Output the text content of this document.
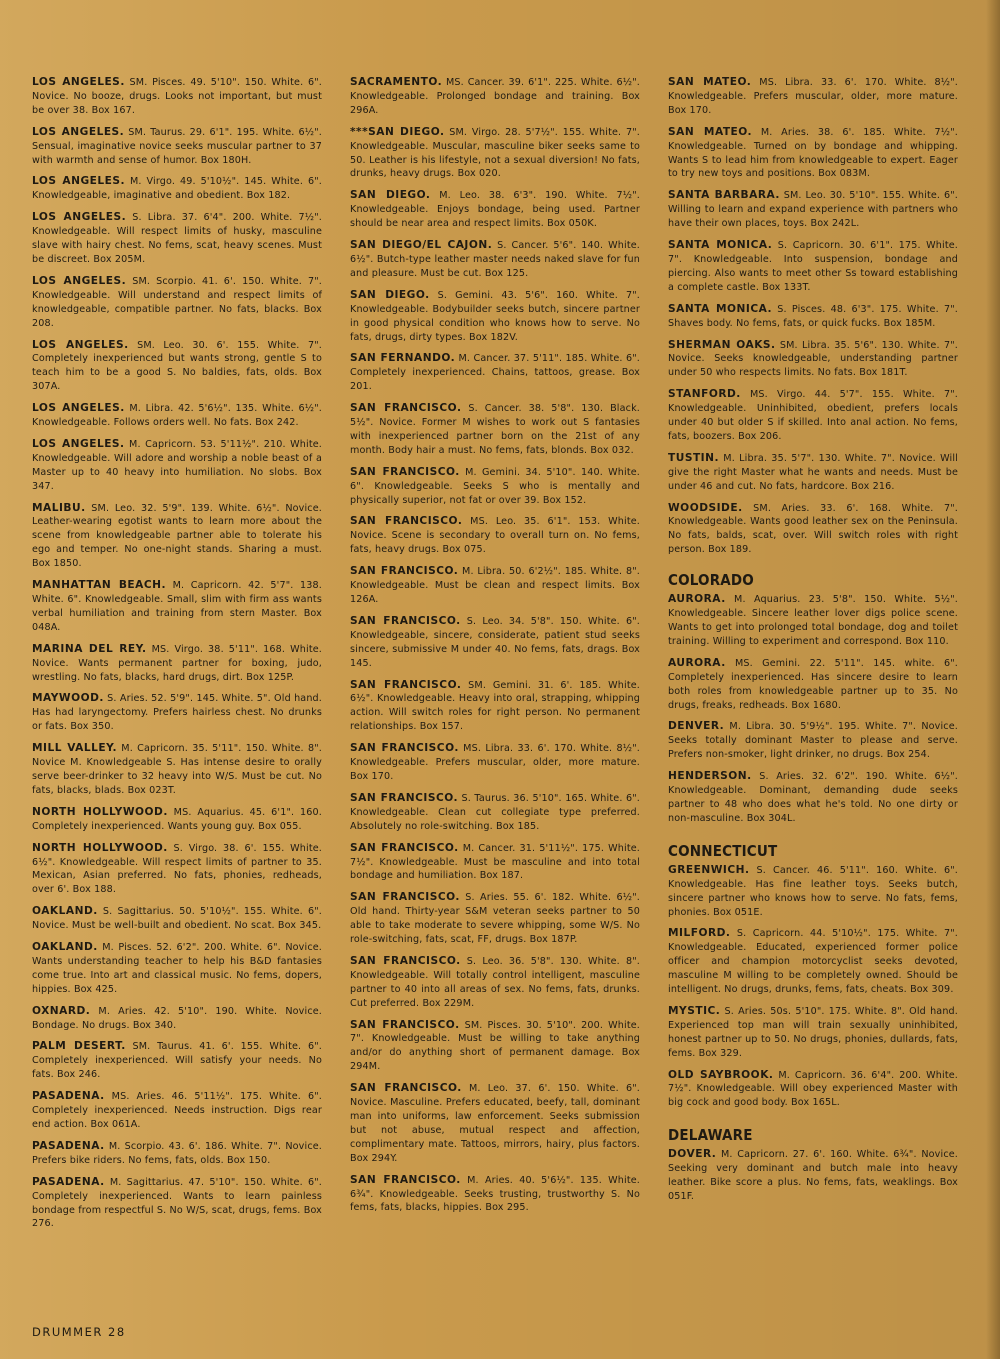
LOS ANGELES. SM. Pisces. 49. 5'10". 150. White. 6". Novice. No booze, drugs. Looks not important, but must be over 38. Box 167.

LOS ANGELES. SM. Taurus. 29. 6'1". 195. White. 6½". Sensual, imaginative novice seeks muscular partner to 37 with warmth and sense of humor. Box 180H.

LOS ANGELES. M. Virgo. 49. 5'10½". 145. White. 6". Knowledgeable, imaginative and obedient. Box 182.

LOS ANGELES. S. Libra. 37. 6'4". 200. White. 7½". Knowledgeable. Will respect limits of husky, masculine slave with hairy chest. No fems, scat, heavy scenes. Must be discreet. Box 205M.

LOS ANGELES. SM. Scorpio. 41. 6'. 150. White. 7". Knowledgeable. Will understand and respect limits of knowledgeable, compatible partner. No fats, blacks. Box 208.

LOS ANGELES. SM. Leo. 30. 6'. 155. White. 7". Completely inexperienced but wants strong, gentle S to teach him to be a good S. No baldies, fats, olds. Box 307A.

LOS ANGELES. M. Libra. 42. 5'6½". 135. White. 6½". Knowledgeable. Follows orders well. No fats. Box 242.

LOS ANGELES. M. Capricorn. 53. 5'11½". 210. White. Knowledgeable. Will adore and worship a noble beast of a Master up to 40 heavy into humiliation. No slobs. Box 347.

MALIBU. SM. Leo. 32. 5'9". 139. White. 6½". Novice. Leather-wearing egotist wants to learn more about the scene from knowledgeable partner able to tolerate his ego and temper. No one-night stands. Sharing a must. Box 1850.

MANHATTAN BEACH. M. Capricorn. 42. 5'7". 138. White. 6". Knowledgeable. Small, slim with firm ass wants verbal humiliation and training from stern Master. Box 048A.

MARINA DEL REY. MS. Virgo. 38. 5'11". 168. White. Novice. Wants permanent partner for boxing, judo, wrestling. No fats, blacks, hard drugs, dirt. Box 125P.

MAYWOOD. S. Aries. 52. 5'9". 145. White. 5". Old hand. Has had laryngectomy. Prefers hairless chest. No drunks or fats. Box 350.

MILL VALLEY. M. Capricorn. 35. 5'11". 150. White. 8". Novice M. Knowledgeable S. Has intense desire to orally serve beer-drinker to 32 heavy into W/S. Must be cut. No fats, blacks, blads. Box 023T.

NORTH HOLLYWOOD. MS. Aquarius. 45. 6'1". 160. Completely inexperienced. Wants young guy. Box 055.

NORTH HOLLYWOOD. S. Virgo. 38. 6'. 155. White. 6½". Knowledgeable. Will respect limits of partner to 35. Mexican, Asian preferred. No fats, phonies, redheads, over 6'. Box 188.

OAKLAND. S. Sagittarius. 50. 5'10½". 155. White. 6". Novice. Must be well-built and obedient. No scat. Box 345.

OAKLAND. M. Pisces. 52. 6'2". 200. White. 6". Novice. Wants understanding teacher to help his B&D fantasies come true. Into art and classical music. No fems, dopers, hippies. Box 425.

OXNARD. M. Aries. 42. 5'10". 190. White. Novice. Bondage. No drugs. Box 340.

PALM DESERT. SM. Taurus. 41. 6'. 155. White. 6". Completely inexperienced. Will satisfy your needs. No fats. Box 246.

PASADENA. MS. Aries. 46. 5'11½". 175. White. 6". Completely inexperienced. Needs instruction. Digs rear end action. Box 061A.

PASADENA. M. Scorpio. 43. 6'. 186. White. 7". Novice. Prefers bike riders. No fems, fats, olds. Box 150.

PASADENA. M. Sagittarius. 47. 5'10". 150. White. 6". Completely inexperienced. Wants to learn painless bondage from respectful S. No W/S, scat, drugs, fems. Box 276.

SACRAMENTO. MS. Cancer. 39. 6'1". 225. White. 6½". Knowledgeable. Prolonged bondage and training. Box 296A.

***SAN DIEGO. SM. Virgo. 28. 5'7½". 155. White. 7". Knowledgeable. Muscular, masculine biker seeks same to 50. Leather is his lifestyle, not a sexual diversion! No fats, drunks, heavy drugs. Box 020.

SAN DIEGO. M. Leo. 38. 6'3". 190. White. 7½". Knowledgeable. Enjoys bondage, being used. Partner should be near area and respect limits. Box 050K.

SAN DIEGO/EL CAJON. S. Cancer. 5'6". 140. White. 6½". Butch-type leather master needs naked slave for fun and pleasure. Must be cut. Box 125.

SAN DIEGO. S. Gemini. 43. 5'6". 160. White. 7". Knowledgeable. Bodybuilder seeks butch, sincere partner in good physical condition who knows how to serve. No fats, drugs, dirty types. Box 182V.

SAN FERNANDO. M. Cancer. 37. 5'11". 185. White. 6". Completely inexperienced. Chains, tattoos, grease. Box 201.

SAN FRANCISCO. S. Cancer. 38. 5'8". 130. Black. 5½". Novice. Former M wishes to work out S fantasies with inexperienced partner born on the 21st of any month. Body hair a must. No fems, fats, blonds. Box 032.

SAN FRANCISCO. M. Gemini. 34. 5'10". 140. White. 6". Knowledgeable. Seeks S who is mentally and physically superior, not fat or over 39. Box 152.

SAN FRANCISCO. MS. Leo. 35. 6'1". 153. White. Novice. Scene is secondary to overall turn on. No fems, fats, heavy drugs. Box 075.

SAN FRANCISCO. M. Libra. 50. 6'2½". 185. White. 8". Knowledgeable. Must be clean and respect limits. Box 126A.

SAN FRANCISCO. S. Leo. 34. 5'8". 150. White. 6". Knowledgeable, sincere, considerate, patient stud seeks sincere, submissive M under 40. No fems, fats, drags. Box 145.

SAN FRANCISCO. SM. Gemini. 31. 6'. 185. White. 6½". Knowledgeable. Heavy into oral, strapping, whipping action. Will switch roles for right person. No permanent relationships. Box 157.

SAN FRANCISCO. MS. Libra. 33. 6'. 170. White. 8½". Knowledgeable. Prefers muscular, older, more mature. Box 170.

SAN FRANCISCO. S. Taurus. 36. 5'10". 165. White. 6". Knowledgeable. Clean cut collegiate type preferred. Absolutely no role-switching. Box 185.

SAN FRANCISCO. M. Cancer. 31. 5'11½". 175. White. 7½". Knowledgeable. Must be masculine and into total bondage and humiliation. Box 187.

SAN FRANCISCO. S. Aries. 55. 6'. 182. White. 6½". Old hand. Thirty-year S&M veteran seeks partner to 50 able to take moderate to severe whipping, some W/S. No role-switching, fats, scat, FF, drugs. Box 187P.

SAN FRANCISCO. S. Leo. 36. 5'8". 130. White. 8". Knowledgeable. Will totally control intelligent, masculine partner to 40 into all areas of sex. No fems, fats, drunks. Cut preferred. Box 229M.

SAN FRANCISCO. SM. Pisces. 30. 5'10". 200. White. 7". Knowledgeable. Must be willing to take anything and/or do anything short of permanent damage. Box 294M.

SAN FRANCISCO. M. Leo. 37. 6'. 150. White. 6". Novice. Masculine. Prefers educated, beefy, tall, dominant man into uniforms, law enforcement. Seeks submission but not abuse, mutual respect and affection, complimentary mate. Tattoos, mirrors, hairy, plus factors. Box 294Y.

SAN FRANCISCO. M. Aries. 40. 5'6½". 135. White. 6¾". Knowledgeable. Seeks trusting, trustworthy S. No fems, fats, blacks, hippies. Box 295.

SAN MATEO. MS. Libra. 33. 6'. 170. White. 8½". Knowledgeable. Prefers muscular, older, more mature. Box 170.

SAN MATEO. M. Aries. 38. 6'. 185. White. 7½". Knowledgeable. Turned on by bondage and whipping. Wants S to lead him from knowledgeable to expert. Eager to try new toys and positions. Box 083M.

SANTA BARBARA. SM. Leo. 30. 5'10". 155. White. 6". Willing to learn and expand experience with partners who have their own places, toys. Box 242L.

SANTA MONICA. S. Capricorn. 30. 6'1". 175. White. 7". Knowledgeable. Into suspension, bondage and piercing. Also wants to meet other Ss toward establishing a complete castle. Box 133T.

SANTA MONICA. S. Pisces. 48. 6'3". 175. White. 7". Shaves body. No fems, fats, or quick fucks. Box 185M.

SHERMAN OAKS. SM. Libra. 35. 5'6". 130. White. 7". Novice. Seeks knowledgeable, understanding partner under 50 who respects limits. No fats. Box 181T.

STANFORD. MS. Virgo. 44. 5'7". 155. White. 7". Knowledgeable. Uninhibited, obedient, prefers locals under 40 but older S if skilled. Into anal action. No fems, fats, boozers. Box 206.

TUSTIN. M. Libra. 35. 5'7". 130. White. 7". Novice. Will give the right Master what he wants and needs. Must be under 46 and cut. No fats, hardcore. Box 216.

WOODSIDE. SM. Aries. 33. 6'. 168. White. 7". Knowledgeable. Wants good leather sex on the Peninsula. No fats, balds, scat, over. Will switch roles with right person. Box 189.

COLORADO

AURORA. M. Aquarius. 23. 5'8". 150. White. 5½". Knowledgeable. Sincere leather lover digs police scene. Wants to get into prolonged total bondage, dog and toilet training. Willing to experiment and correspond. Box 110.

AURORA. MS. Gemini. 22. 5'11". 145. white. 6". Completely inexperienced. Has sincere desire to learn both roles from knowledgeable partner up to 35. No drugs, freaks, redheads. Box 1680.

DENVER. M. Libra. 30. 5'9½". 195. White. 7". Novice. Seeks totally dominant Master to please and serve. Prefers non-smoker, light drinker, no drugs. Box 254.

HENDERSON. S. Aries. 32. 6'2". 190. White. 6½". Knowledgeable. Dominant, demanding dude seeks partner to 48 who does what he's told. No one dirty or non-masculine. Box 304L.

CONNECTICUT

GREENWICH. S. Cancer. 46. 5'11". 160. White. 6". Knowledgeable. Has fine leather toys. Seeks butch, sincere partner who knows how to serve. No fats, fems, phonies. Box 051E.

MILFORD. S. Capricorn. 44. 5'10½". 175. White. 7". Knowledgeable. Educated, experienced former police officer and champion motorcyclist seeks devoted, masculine M willing to be completely owned. Should be intelligent. No drugs, drunks, fems, fats, cheats. Box 309.

MYSTIC. S. Aries. 50s. 5'10". 175. White. 8". Old hand. Experienced top man will train sexually uninhibited, honest partner up to 50. No drugs, phonies, dullards, fats, fems. Box 329.

OLD SAYBROOK. M. Capricorn. 36. 6'4". 200. White. 7½". Knowledgeable. Will obey experienced Master with big cock and good body. Box 165L.

DELAWARE

DOVER. M. Capricorn. 27. 6'. 160. White. 6¾". Novice. Seeking very dominant and butch male into heavy leather. Bike score a plus. No fems, fats, weaklings. Box 051F.

DRUMMER 28
